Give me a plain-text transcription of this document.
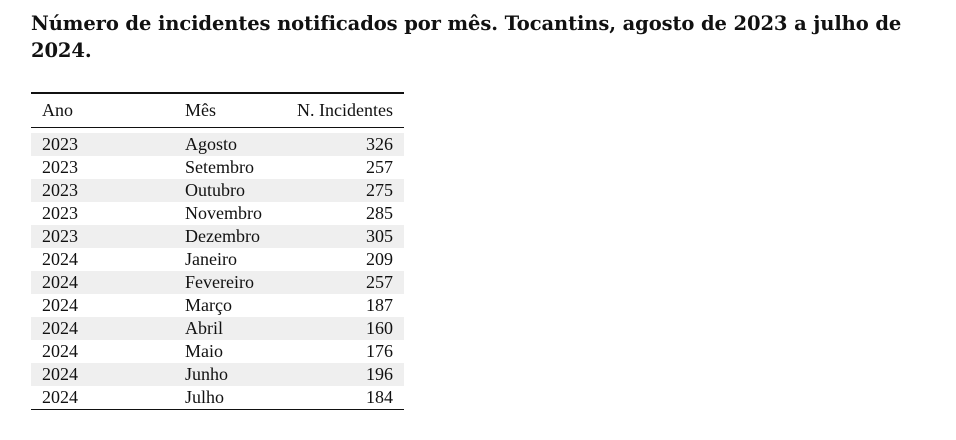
Número de incidentes notificados por mês. Tocantins, agosto de 2023 a julho de 2024.
Ano	Mês	N. Incidentes
2023	Agosto	326
2023	Setembro	257
2023	Outubro	275
2023	Novembro	285
2023	Dezembro	305
2024	Janeiro	209
2024	Fevereiro	257
2024	Março	187
2024	Abril	160
2024	Maio	176
2024	Junho	196
2024	Julho	184
